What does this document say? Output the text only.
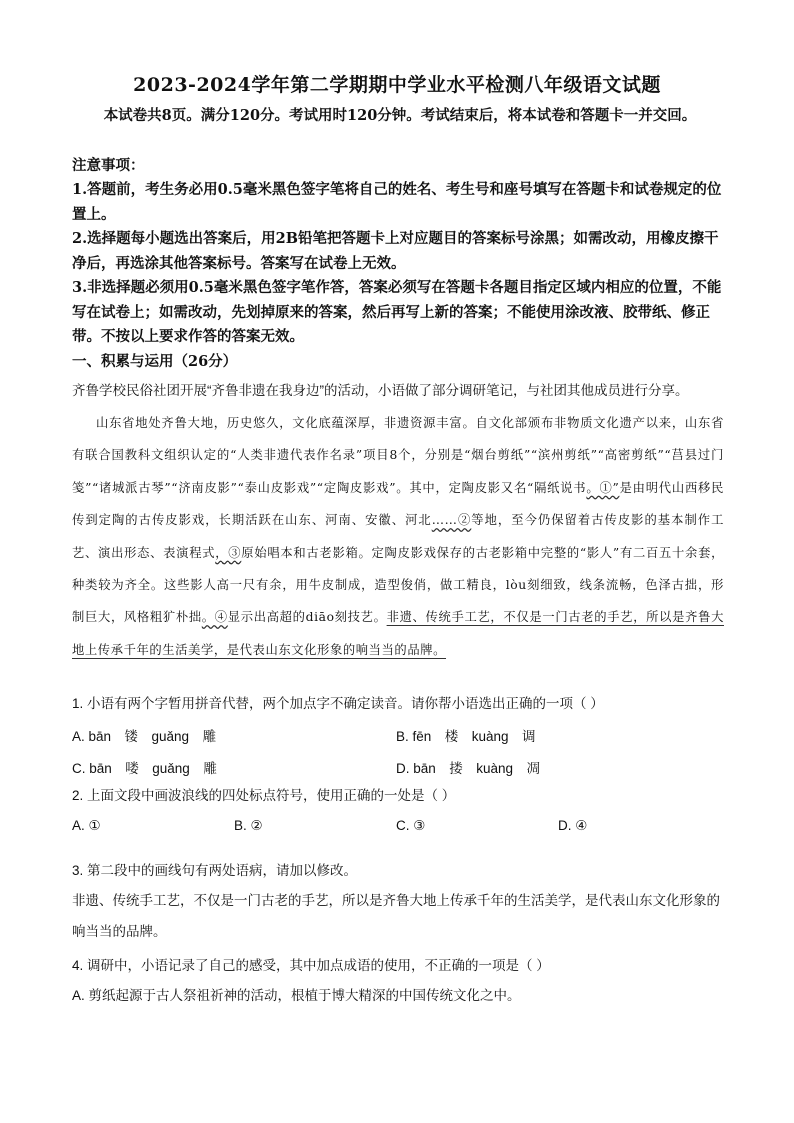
2023-2024学年第二学期期中学业水平检测八年级语文试题
本试卷共8页。满分120分。考试用时120分钟。考试结束后，将本试卷和答题卡一并交回。
注意事项：

1.答题前，考生务必用0.5毫米黑色签字笔将自己的姓名、考生号和座号填写在答题卡和试卷规定的位置上。

2.选择题每小题选出答案后，用2B铅笔把答题卡上对应题目的答案标号涂黑；如需改动，用橡皮擦干净后，再选涂其他答案标号。答案写在试卷上无效。

3.非选择题必须用0.5毫米黑色签字笔作答，答案必须写在答题卡各题目指定区域内相应的位置，不能写在试卷上；如需改动，先划掉原来的答案，然后再写上新的答案；不能使用涂改液、胶带纸、修正带。不按以上要求作答的答案无效。

一、积累与运用（26分）
齐鲁学校民俗社团开展“齐鲁非遗在我身边”的活动，小语做了部分调研笔记，与社团其他成员进行分享。

山东省地处齐鲁大地，历史悠久，文化底蕴深厚，非遗资源丰富。自文化部颁布非物质文化遗产以来，山东省有联合国教科文组织认定的“人类非遗代表作名录”项目8个，分别是“烟台剪纸”“滨州剪纸”“高密剪纸”“莒县过门笺”“诸城派古琴”“济南皮影”“泰山皮影戏”“定陶皮影戏”。其中，定陶皮影又名“隔纸说书。①”是由明代山西移民传到定陶的古传皮影戏，长期活跃在山东、河南、安徽、河北……②等地，至今仍保留着古传皮影的基本制作工艺、演出形态、表演程式，③原始唱本和古老影箱。定陶皮影戏保存的古老影箱中完整的“影人”有二百五十余套，种类较为齐全。这些影人高一尺有余，用牛皮制成，造型俊俏，做工精良，lòu刻细致，线条流畅，色泽古拙，形制巨大，风格粗犷朴拙。④显示出高超的diāo刻技艺。非遗、传统手工艺，不仅是一门古老的手艺，所以是齐鲁大地上传承千年的生活美学，是代表山东文化形象的响当当的品牌。

1. 小语有两个字暂用拼音代替，两个加点字不确定读音。请你帮小语选出正确的一项（ ）

A. bān　镂　guǎng　雕	B. fēn　楼　kuàng　调
C. bān　喽　guǎng　雕	D. bān　搂　kuàng　凋

2. 上面文段中画波浪线的四处标点符号，使用正确的一处是（ ）

A. ①	B. ②	C. ③	D. ④

3. 第二段中的画线句有两处语病，请加以修改。

非遗、传统手工艺，不仅是一门古老的手艺，所以是齐鲁大地上传承千年的生活美学，是代表山东文化形象的响当当的品牌。

4. 调研中，小语记录了自己的感受，其中加点成语的使用，不正确的一项是（ ）

A. 剪纸起源于古人祭祖祈神的活动，根植于博大精深的中国传统文化之中。
